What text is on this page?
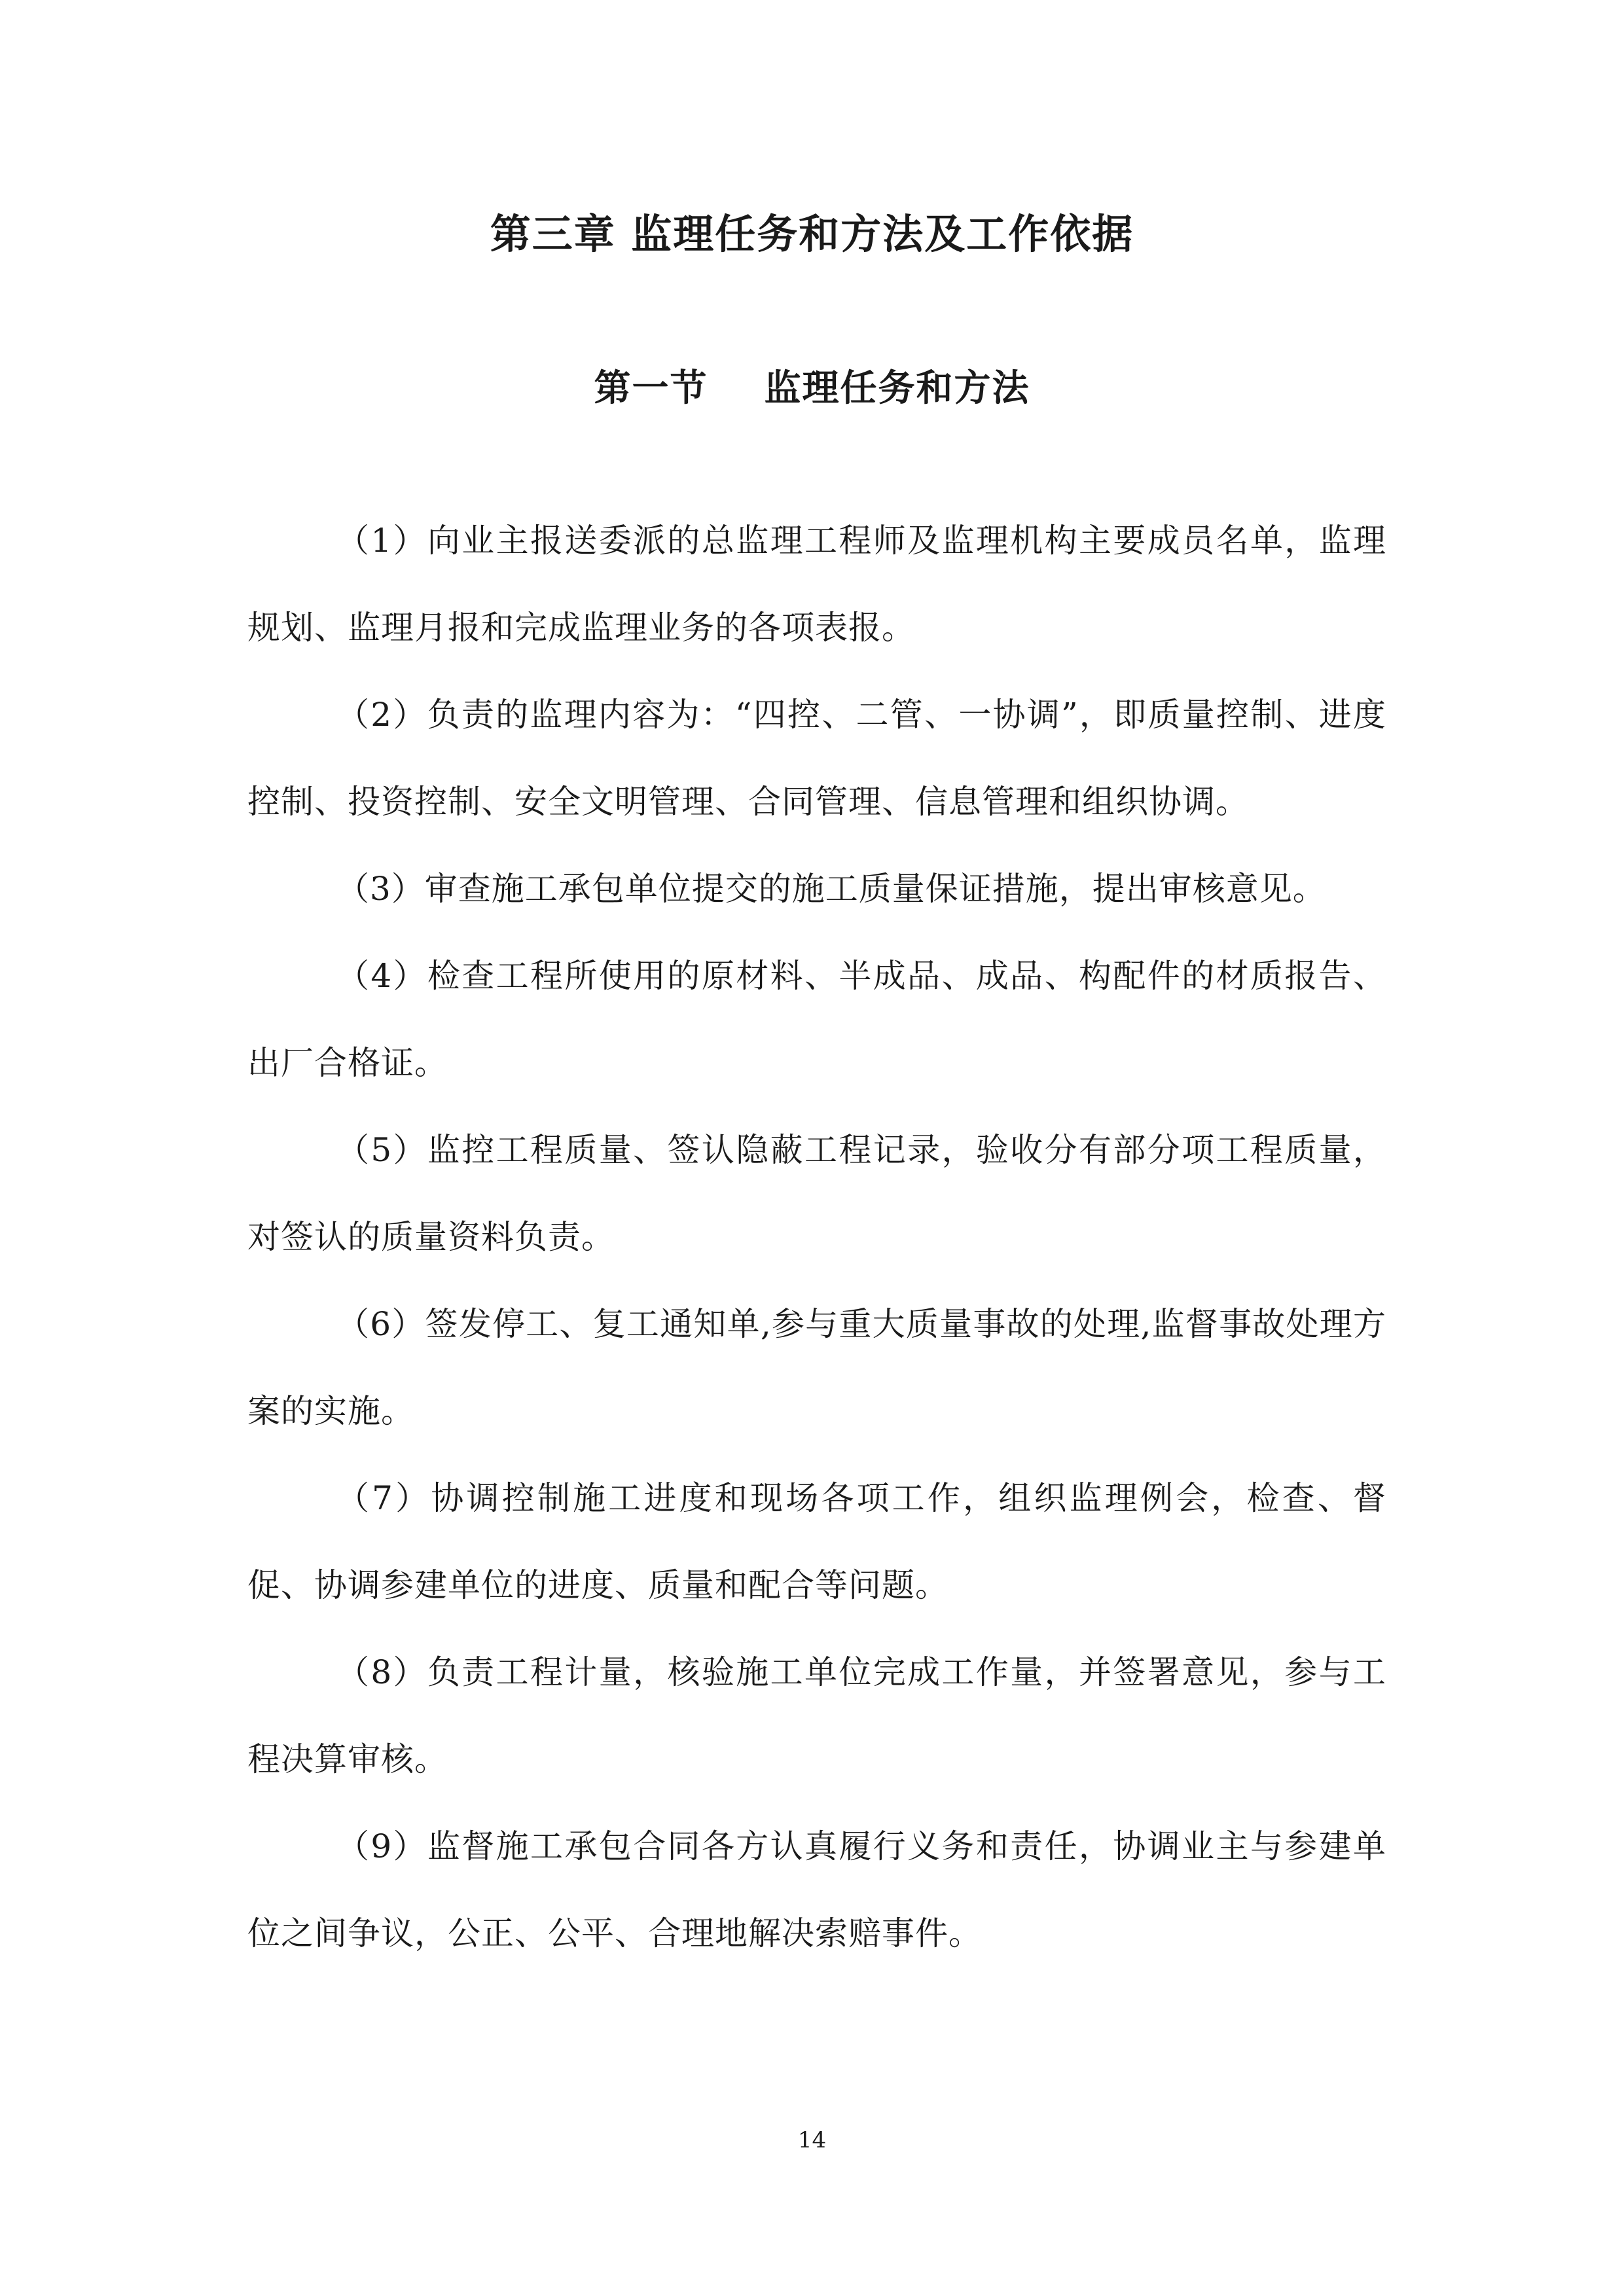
第三章 监理任务和方法及工作依据
第一节    监理任务和方法

（1）向业主报送委派的总监理工程师及监理机构主要成员名单，监理规划、监理月报和完成监理业务的各项表报。

（2）负责的监理内容为：“四控、二管、一协调”，即质量控制、进度控制、投资控制、安全文明管理、合同管理、信息管理和组织协调。

（3）审查施工承包单位提交的施工质量保证措施，提出审核意见。

（4）检查工程所使用的原材料、半成品、成品、构配件的材质报告、出厂合格证。

（5）监控工程质量、签认隐蔽工程记录，验收分有部分项工程质量，对签认的质量资料负责。

（6）签发停工、复工通知单,参与重大质量事故的处理,监督事故处理方案的实施。

（7）协调控制施工进度和现场各项工作，组织监理例会，检查、督促、协调参建单位的进度、质量和配合等问题。

（8）负责工程计量，核验施工单位完成工作量，并签署意见，参与工程决算审核。

（9）监督施工承包合同各方认真履行义务和责任，协调业主与参建单位之间争议，公正、公平、合理地解决索赔事件。

14
